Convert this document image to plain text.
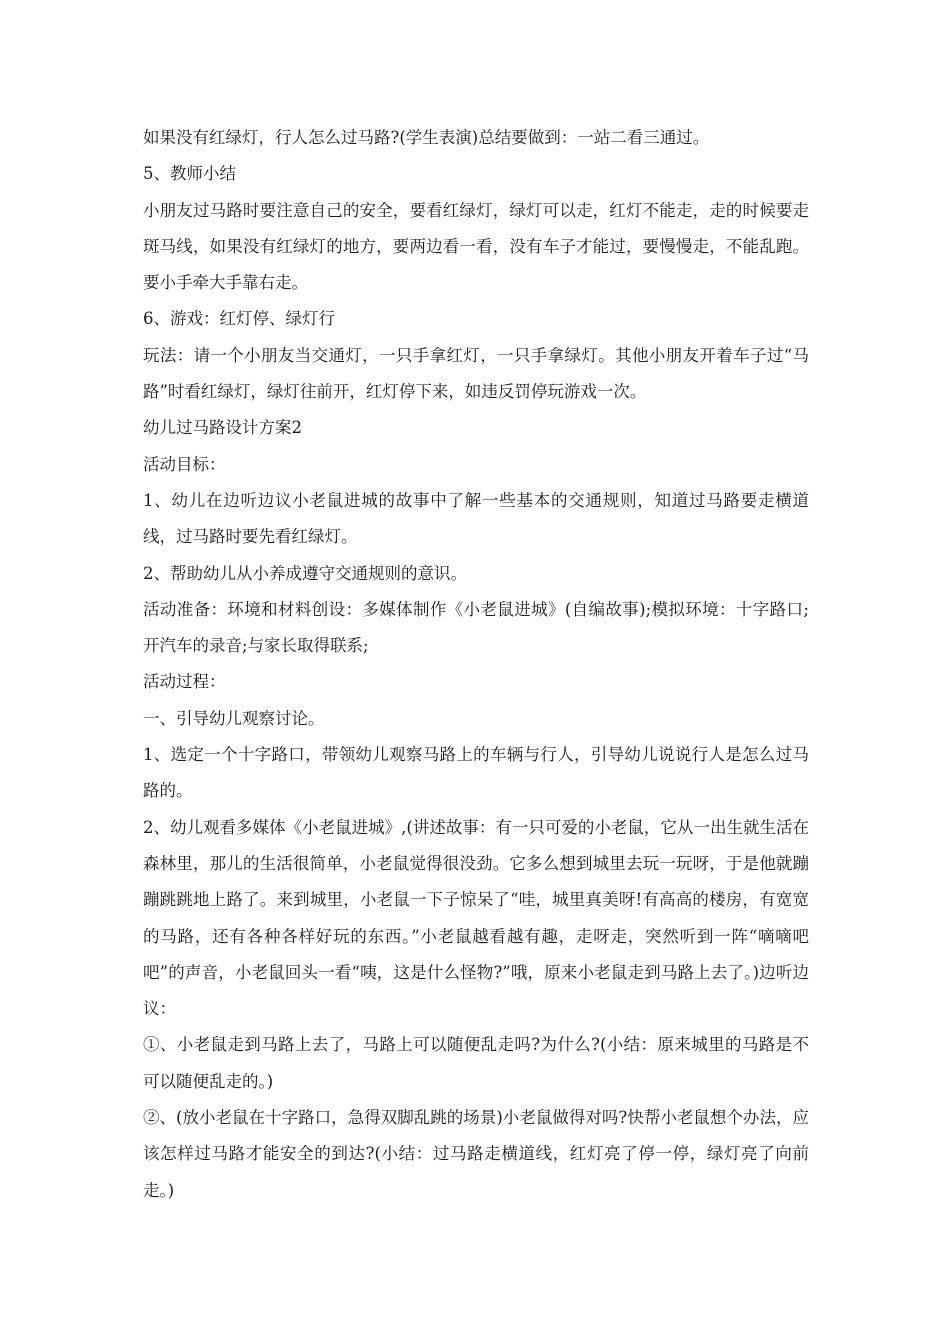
如果没有红绿灯，行人怎么过马路?(学生表演)总结要做到：一站二看三通过。

5、教师小结

小朋友过马路时要注意自己的安全，要看红绿灯，绿灯可以走，红灯不能走，走的时候要走斑马线，如果没有红绿灯的地方，要两边看一看，没有车子才能过，要慢慢走，不能乱跑。要小手牵大手靠右走。

6、游戏：红灯停、绿灯行

玩法：请一个小朋友当交通灯，一只手拿红灯，一只手拿绿灯。其他小朋友开着车子过“马路”时看红绿灯，绿灯往前开，红灯停下来，如违反罚停玩游戏一次。

幼儿过马路设计方案2

活动目标：

1、幼儿在边听边议小老鼠进城的故事中了解一些基本的交通规则，知道过马路要走横道线，过马路时要先看红绿灯。

2、帮助幼儿从小养成遵守交通规则的意识。

活动准备：环境和材料创设：多媒体制作《小老鼠进城》(自编故事);模拟环境：十字路口;开汽车的录音;与家长取得联系;

活动过程：

一、引导幼儿观察讨论。

1、选定一个十字路口，带领幼儿观察马路上的车辆与行人，引导幼儿说说行人是怎么过马路的。

2、幼儿观看多媒体《小老鼠进城》,(讲述故事：有一只可爱的小老鼠，它从一出生就生活在森林里，那儿的生活很简单，小老鼠觉得很没劲。它多么想到城里去玩一玩呀，于是他就蹦蹦跳跳地上路了。来到城里，小老鼠一下子惊呆了“哇，城里真美呀!有高高的楼房，有宽宽的马路，还有各种各样好玩的东西。”小老鼠越看越有趣，走呀走，突然听到一阵“嘀嘀吧吧”的声音，小老鼠回头一看“咦，这是什么怪物?”哦，原来小老鼠走到马路上去了。)边听边议：

①、小老鼠走到马路上去了，马路上可以随便乱走吗?为什么?(小结：原来城里的马路是不可以随便乱走的。)

②、(放小老鼠在十字路口，急得双脚乱跳的场景)小老鼠做得对吗?快帮小老鼠想个办法，应该怎样过马路才能安全的到达?(小结：过马路走横道线，红灯亮了停一停，绿灯亮了向前走。)
